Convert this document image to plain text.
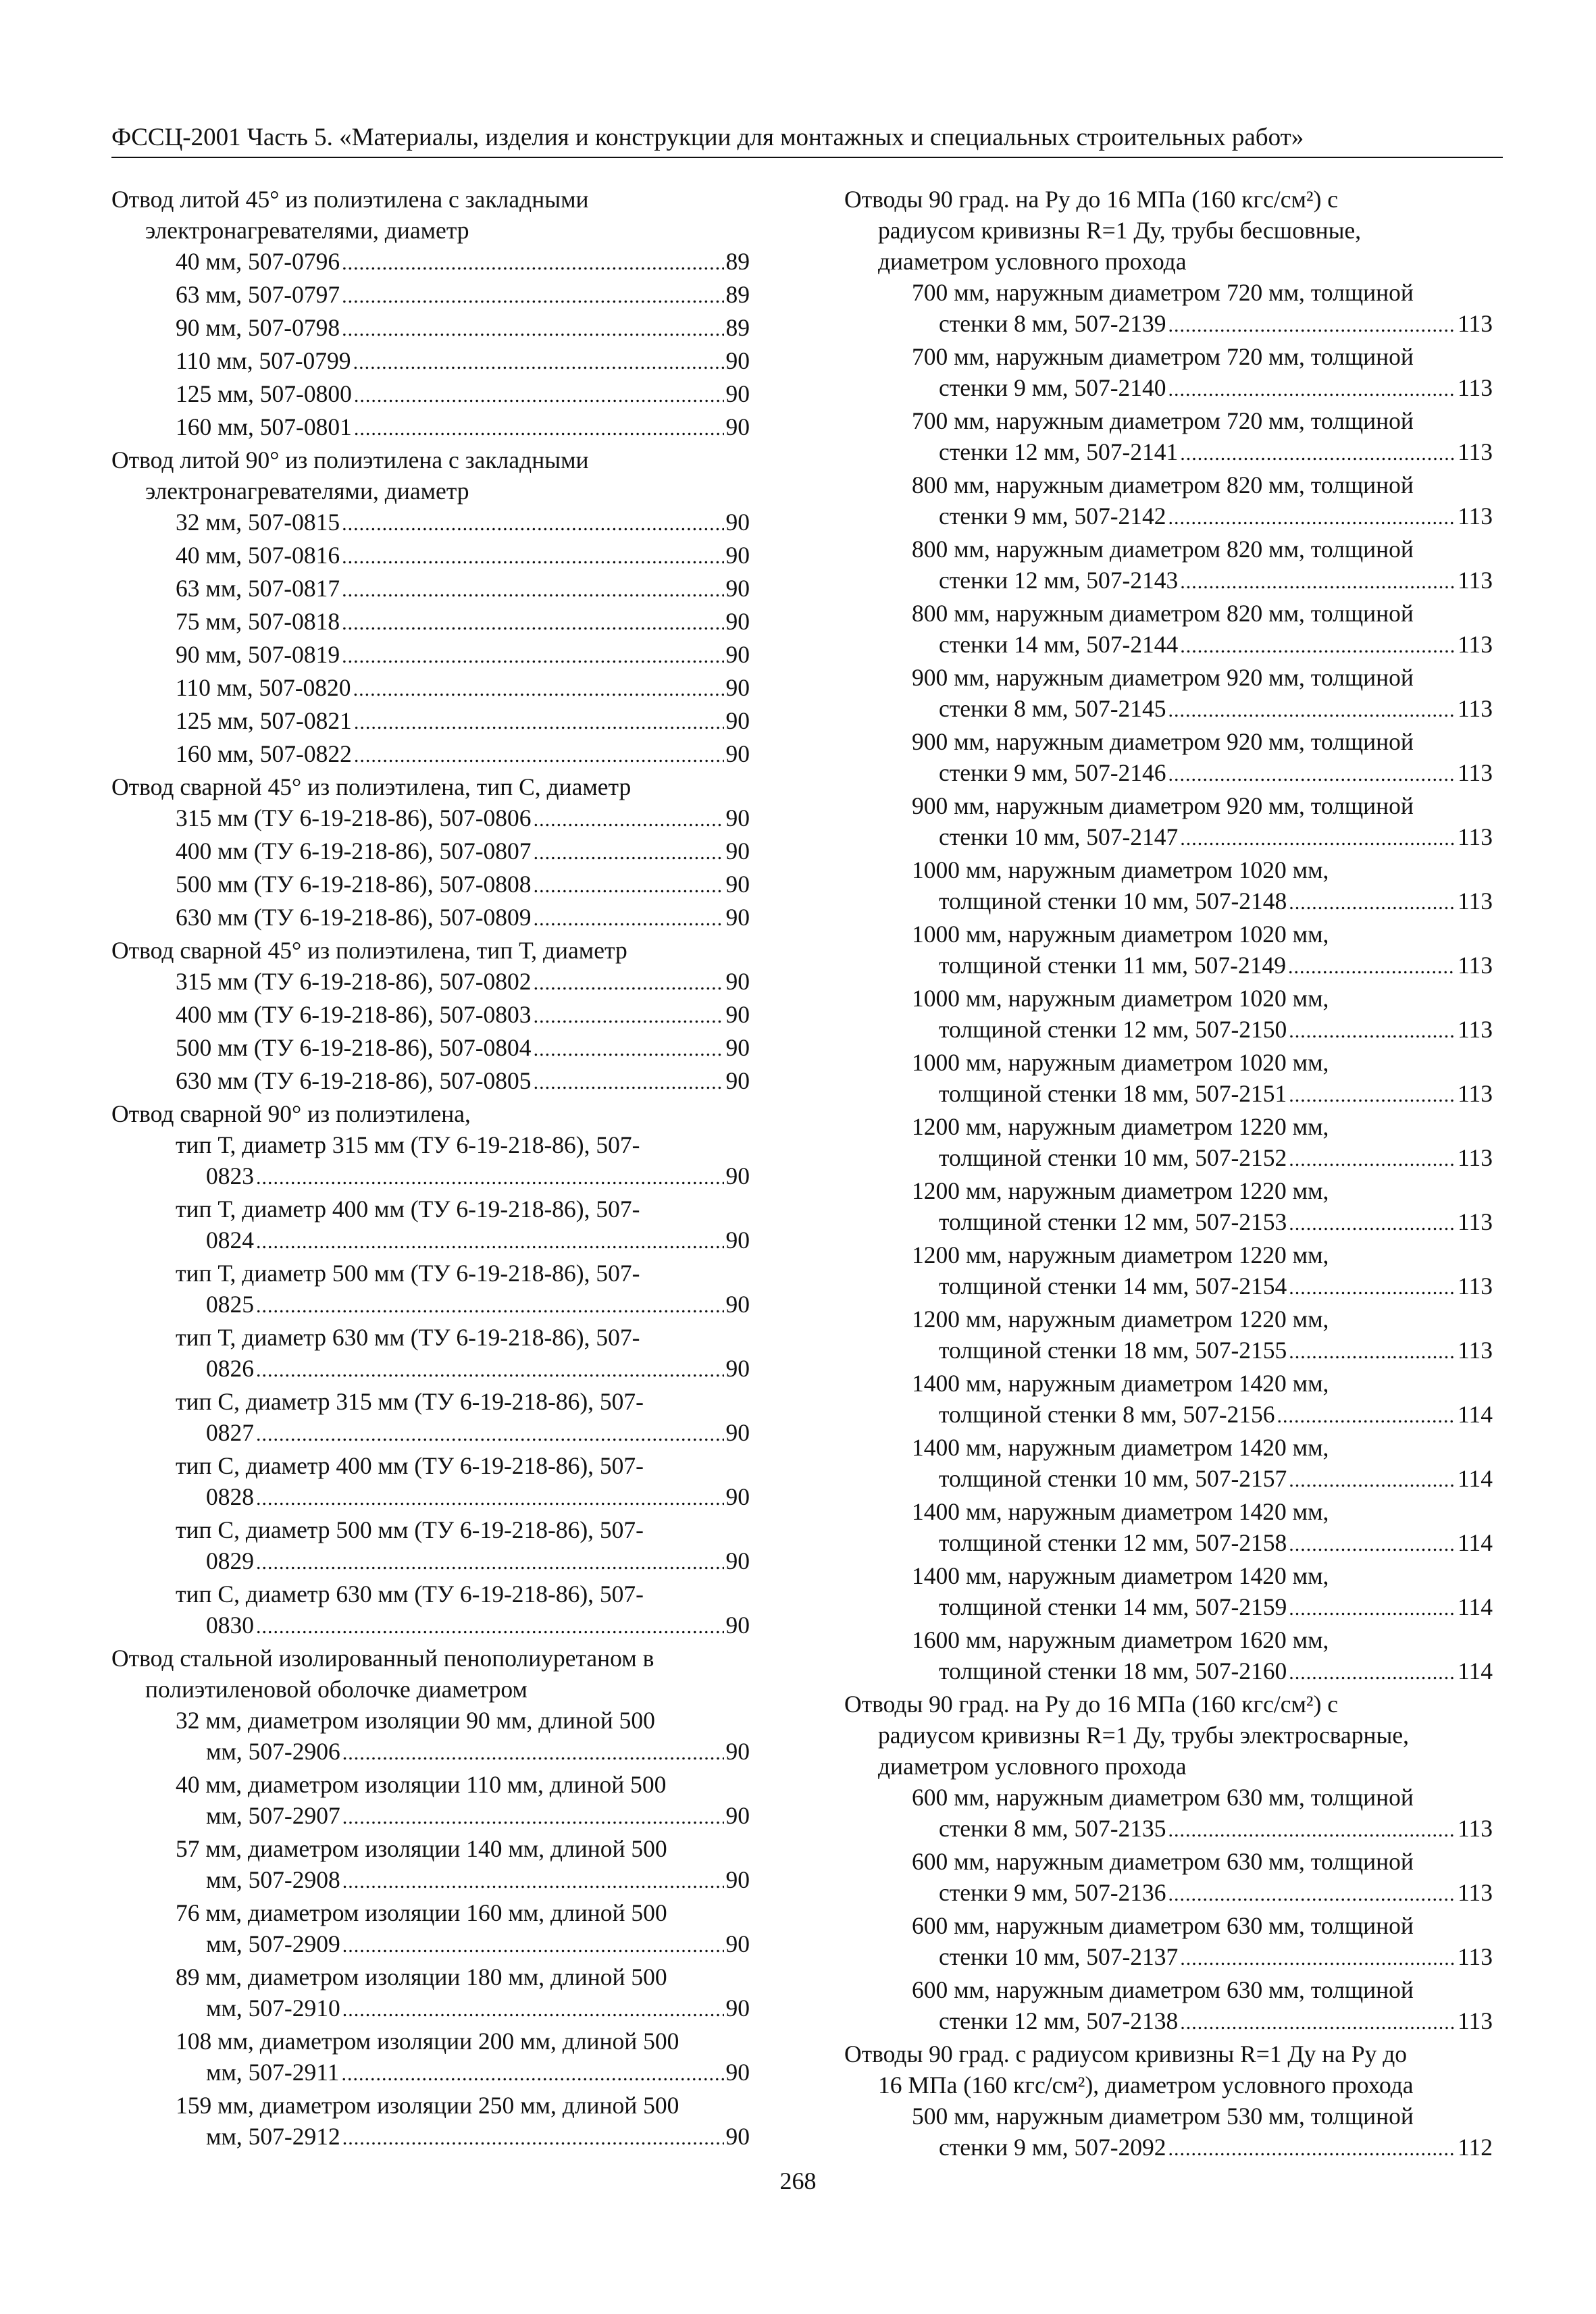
ФССЦ-2001 Часть 5. «Материалы, изделия и конструкции для монтажных и специальных строительных работ»
Отвод литой 45° из полиэтилена с закладными
электронагревателями, диаметр
40 мм, 507-0796 .....	89
63 мм, 507-0797 .....	89
90 мм, 507-0798 .....	89
110 мм, 507-0799 .....	90
125 мм, 507-0800 .....	90
160 мм, 507-0801 .....	90
Отвод литой 90° из полиэтилена с закладными
электронагревателями, диаметр
32 мм, 507-0815 .....	90
40 мм, 507-0816 .....	90
63 мм, 507-0817 .....	90
75 мм, 507-0818 .....	90
90 мм, 507-0819 .....	90
110 мм, 507-0820 .....	90
125 мм, 507-0821 .....	90
160 мм, 507-0822 .....	90
Отвод сварной 45° из полиэтилена, тип С, диаметр
315 мм (ТУ 6-19-218-86), 507-0806 .....	90
400 мм (ТУ 6-19-218-86), 507-0807 .....	90
500 мм (ТУ 6-19-218-86), 507-0808 .....	90
630 мм (ТУ 6-19-218-86), 507-0809 .....	90
Отвод сварной 45° из полиэтилена, тип Т, диаметр
315 мм (ТУ 6-19-218-86), 507-0802 .....	90
400 мм (ТУ 6-19-218-86), 507-0803 .....	90
500 мм (ТУ 6-19-218-86), 507-0804 .....	90
630 мм (ТУ 6-19-218-86), 507-0805 .....	90
Отвод сварной 90° из полиэтилена,
тип Т, диаметр 315 мм (ТУ 6-19-218-86), 507-
0823 .....	90
тип Т, диаметр 400 мм (ТУ 6-19-218-86), 507-
0824 .....	90
тип Т, диаметр 500 мм (ТУ 6-19-218-86), 507-
0825 .....	90
тип Т, диаметр 630 мм (ТУ 6-19-218-86), 507-
0826 .....	90
тип С, диаметр 315 мм (ТУ 6-19-218-86), 507-
0827 .....	90
тип С, диаметр 400 мм (ТУ 6-19-218-86), 507-
0828 .....	90
тип С, диаметр 500 мм (ТУ 6-19-218-86), 507-
0829 .....	90
тип С, диаметр 630 мм (ТУ 6-19-218-86), 507-
0830 .....	90
Отвод стальной изолированный пенополиуретаном в
полиэтиленовой оболочке диаметром
32 мм, диаметром изоляции 90 мм, длиной 500
мм, 507-2906 .....	90
40 мм, диаметром изоляции 110 мм, длиной 500
мм, 507-2907 .....	90
57 мм, диаметром изоляции 140 мм, длиной 500
мм, 507-2908 .....	90
76 мм, диаметром изоляции 160 мм, длиной 500
мм, 507-2909 .....	90
89 мм, диаметром изоляции 180 мм, длиной 500
мм, 507-2910 .....	90
108 мм, диаметром изоляции 200 мм, длиной 500
мм, 507-2911 .....	90
159 мм, диаметром изоляции 250 мм, длиной 500
мм, 507-2912 .....	90
Отводы 90 град. на Ру до 16 МПа (160 кгс/см²) с
радиусом кривизны R=1 Ду, трубы бесшовные,
диаметром условного прохода
700 мм, наружным диаметром 720 мм, толщиной
стенки 8 мм, 507-2139 .....	113
700 мм, наружным диаметром 720 мм, толщиной
стенки 9 мм, 507-2140 .....	113
700 мм, наружным диаметром 720 мм, толщиной
стенки 12 мм, 507-2141 .....	113
800 мм, наружным диаметром 820 мм, толщиной
стенки 9 мм, 507-2142 .....	113
800 мм, наружным диаметром 820 мм, толщиной
стенки 12 мм, 507-2143 .....	113
800 мм, наружным диаметром 820 мм, толщиной
стенки 14 мм, 507-2144 .....	113
900 мм, наружным диаметром 920 мм, толщиной
стенки 8 мм, 507-2145 .....	113
900 мм, наружным диаметром 920 мм, толщиной
стенки 9 мм, 507-2146 .....	113
900 мм, наружным диаметром 920 мм, толщиной
стенки 10 мм, 507-2147 .....	113
1000 мм, наружным диаметром 1020 мм,
толщиной стенки 10 мм, 507-2148 .....	113
1000 мм, наружным диаметром 1020 мм,
толщиной стенки 11 мм, 507-2149 .....	113
1000 мм, наружным диаметром 1020 мм,
толщиной стенки 12 мм, 507-2150 .....	113
1000 мм, наружным диаметром 1020 мм,
толщиной стенки 18 мм, 507-2151 .....	113
1200 мм, наружным диаметром 1220 мм,
толщиной стенки 10 мм, 507-2152 .....	113
1200 мм, наружным диаметром 1220 мм,
толщиной стенки 12 мм, 507-2153 .....	113
1200 мм, наружным диаметром 1220 мм,
толщиной стенки 14 мм, 507-2154 .....	113
1200 мм, наружным диаметром 1220 мм,
толщиной стенки 18 мм, 507-2155 .....	113
1400 мм, наружным диаметром 1420 мм,
толщиной стенки 8 мм, 507-2156 .....	114
1400 мм, наружным диаметром 1420 мм,
толщиной стенки 10 мм, 507-2157 .....	114
1400 мм, наружным диаметром 1420 мм,
толщиной стенки 12 мм, 507-2158 .....	114
1400 мм, наружным диаметром 1420 мм,
толщиной стенки 14 мм, 507-2159 .....	114
1600 мм, наружным диаметром 1620 мм,
толщиной стенки 18 мм, 507-2160 .....	114
Отводы 90 град. на Ру до 16 МПа (160 кгс/см²) с
радиусом кривизны R=1 Ду, трубы электросварные,
диаметром условного прохода
600 мм, наружным диаметром 630 мм, толщиной
стенки 8 мм, 507-2135 .....	113
600 мм, наружным диаметром 630 мм, толщиной
стенки 9 мм, 507-2136 .....	113
600 мм, наружным диаметром 630 мм, толщиной
стенки 10 мм, 507-2137 .....	113
600 мм, наружным диаметром 630 мм, толщиной
стенки 12 мм, 507-2138 .....	113
Отводы 90 град. с радиусом кривизны R=1 Ду на Ру до
16 МПа (160 кгс/см²), диаметром условного прохода
500 мм, наружным диаметром 530 мм, толщиной
стенки 9 мм, 507-2092 .....	112
268
